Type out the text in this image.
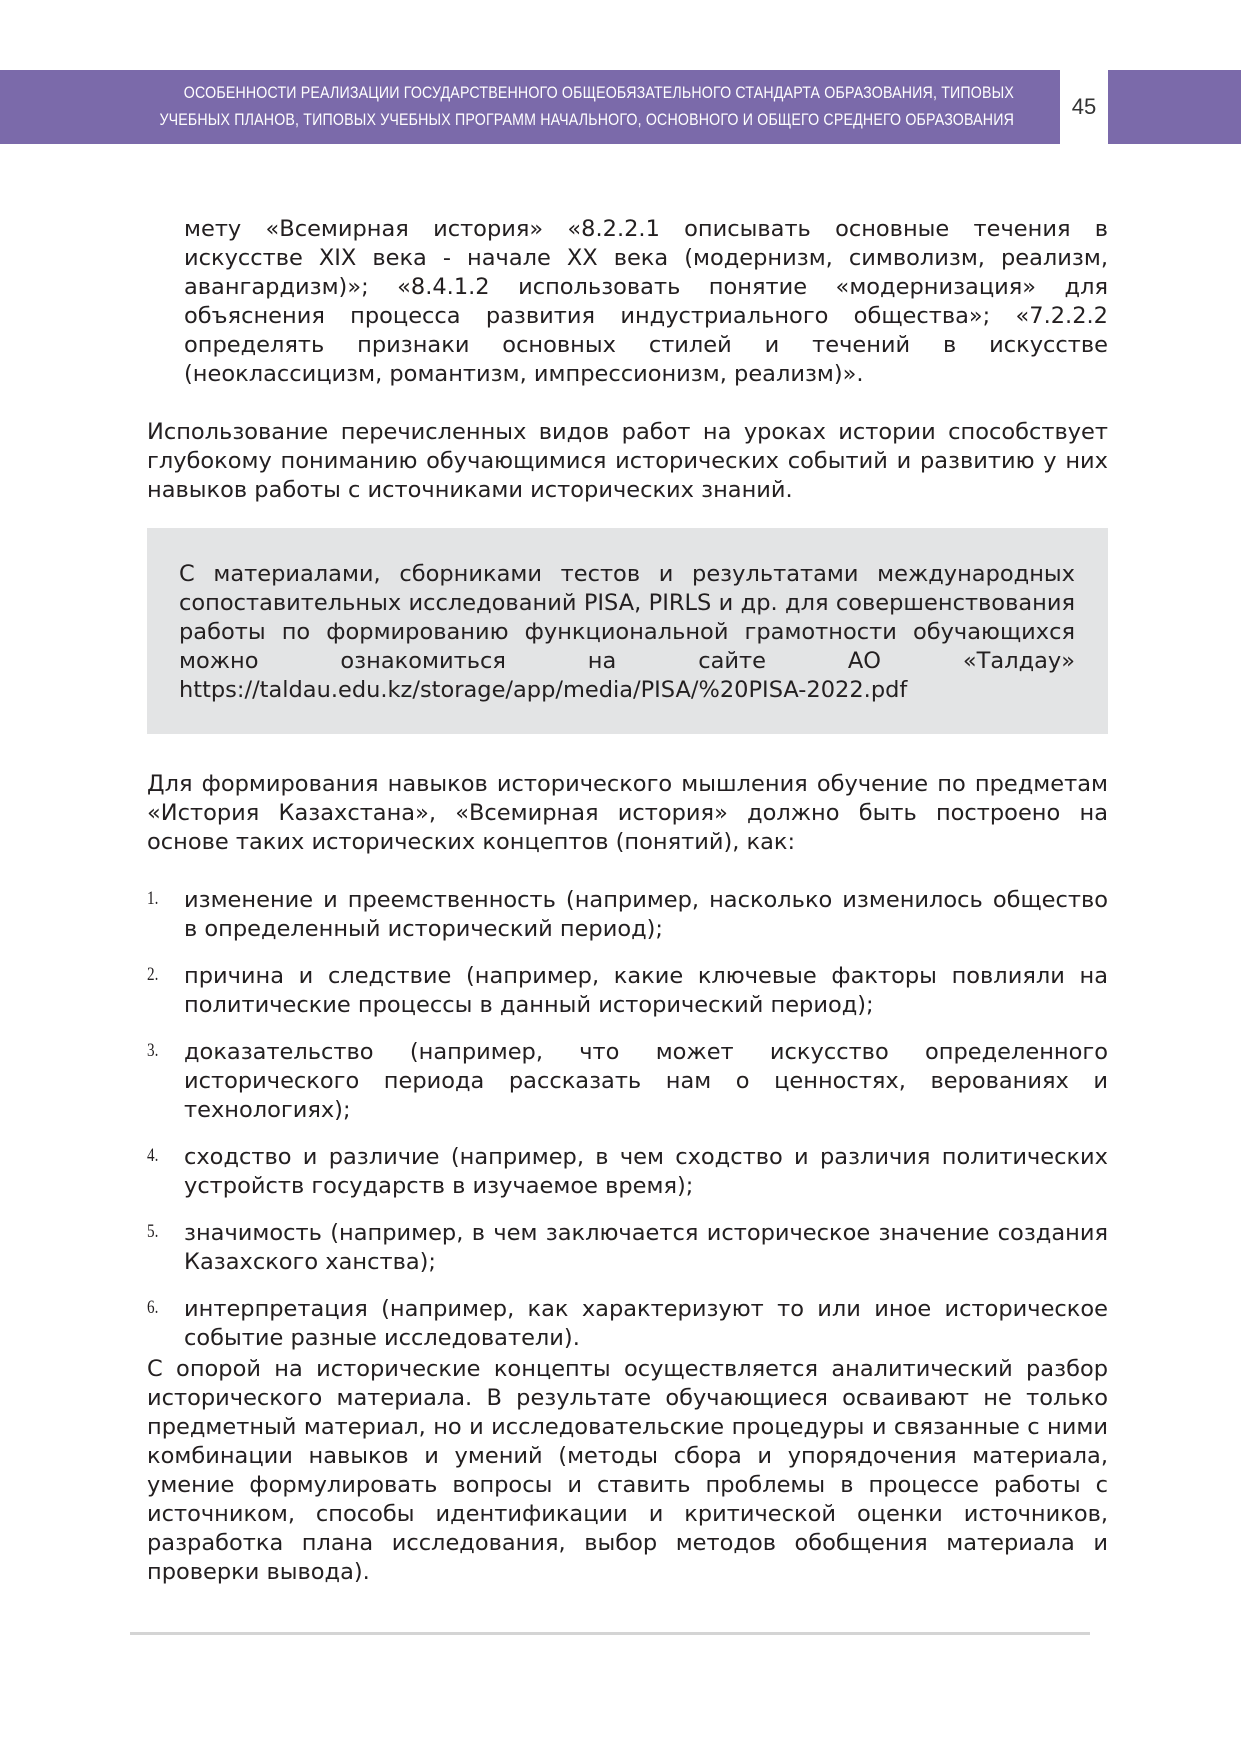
ОСОБЕННОСТИ РЕАЛИЗАЦИИ ГОСУДАРСТВЕННОГО ОБЩЕОБЯЗАТЕЛЬНОГО СТАНДАРТА ОБРАЗОВАНИЯ, ТИПОВЫХ
УЧЕБНЫХ ПЛАНОВ, ТИПОВЫХ УЧЕБНЫХ ПРОГРАММ НАЧАЛЬНОГО, ОСНОВНОГО И ОБЩЕГО СРЕДНЕГО ОБРАЗОВАНИЯ
45

мету «Всемирная история» «8.2.2.1 описывать основные течения в искусстве XIX века - начале XX века (модернизм, символизм, реализм, авангардизм)»; «8.4.1.2 использовать понятие «модернизация» для объяснения процесса развития индустриального общества»; «7.2.2.2 определять признаки основных стилей и течений в искусстве (неоклассицизм, романтизм, импрессионизм, реализм)».

Использование перечисленных видов работ на уроках истории способствует глубокому пониманию обучающимися исторических событий и развитию у них навыков работы с источниками исторических знаний.

С материалами, сборниками тестов и результатами международных сопоставительных исследований PISA, PIRLS и др. для совершенствования работы по формированию функциональной грамотности обучающихся можно ознакомиться на сайте АО «Талдау» https://taldau.edu.kz/storage/app/media/PISA/%20PISA-2022.pdf

Для формирования навыков исторического мышления обучение по предметам «История Казахстана», «Всемирная история» должно быть построено на основе таких исторических концептов (понятий), как:

1. изменение и преемственность (например, насколько изменилось общество в определенный исторический период);
2. причина и следствие (например, какие ключевые факторы повлияли на политические процессы в данный исторический период);
3. доказательство (например, что может искусство определенного исторического периода рассказать нам о ценностях, верованиях и технологиях);
4. сходство и различие (например, в чем сходство и различия политических устройств государств в изучаемое время);
5. значимость (например, в чем заключается историческое значение создания Казахского ханства);
6. интерпретация (например, как характеризуют то или иное историческое событие разные исследователи).

С опорой на исторические концепты осуществляется аналитический разбор исторического материала. В результате обучающиеся осваивают не только предметный материал, но и исследовательские процедуры и связанные с ними комбинации навыков и умений (методы сбора и упорядочения материала, умение формулировать вопросы и ставить проблемы в процессе работы с источником, способы идентификации и критической оценки источников, разработка плана исследования, выбор методов обобщения материала и проверки вывода).
